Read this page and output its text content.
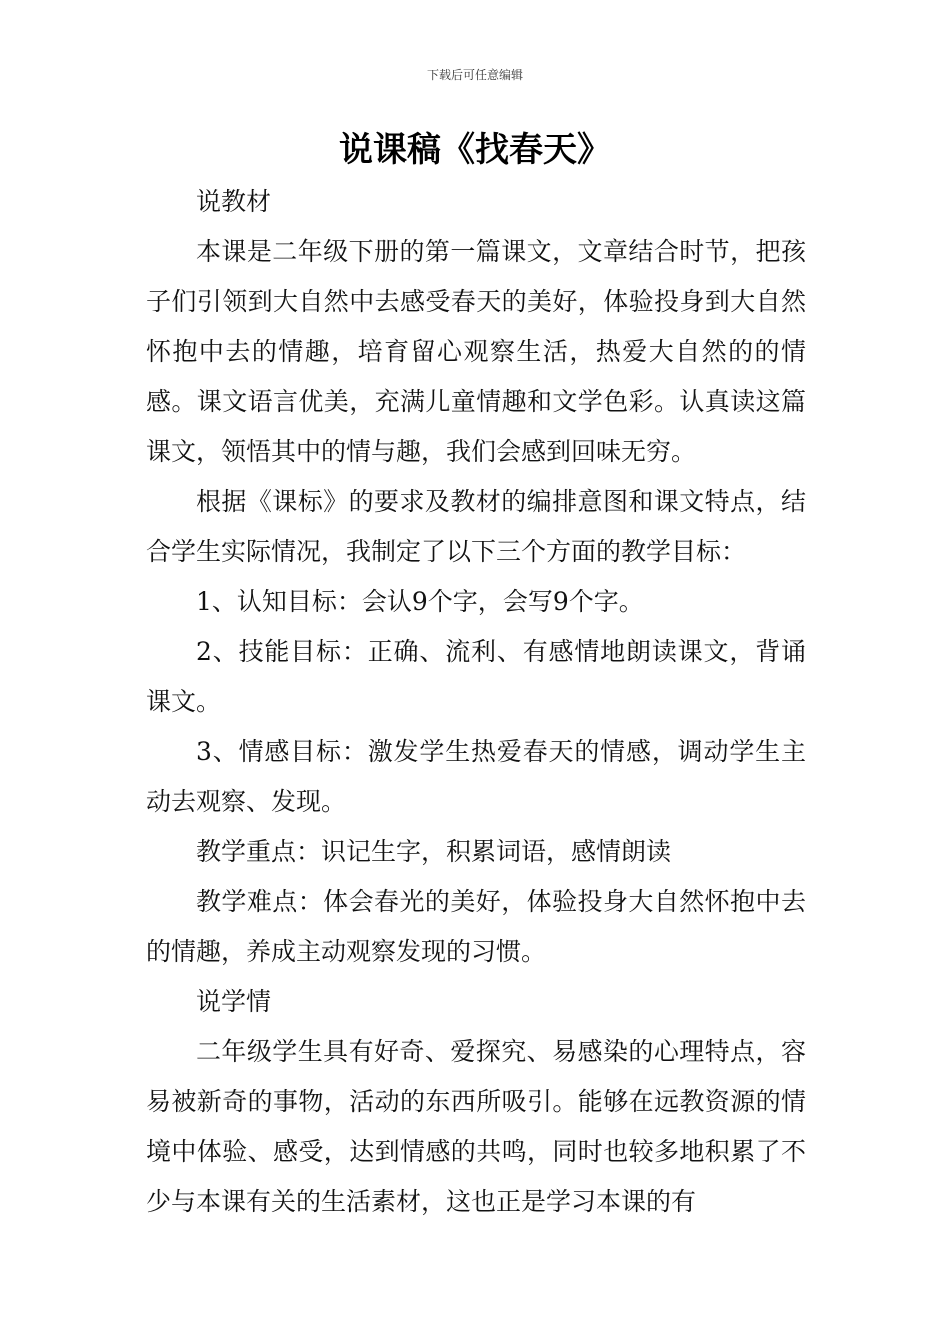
下载后可任意编辑
说课稿《找春天》

说教材

本课是二年级下册的第一篇课文，文章结合时节，把孩子们引领到大自然中去感受春天的美好，体验投身到大自然怀抱中去的情趣，培育留心观察生活，热爱大自然的的情感。课文语言优美，充满儿童情趣和文学色彩。认真读这篇课文，领悟其中的情与趣，我们会感到回味无穷。

根据《课标》的要求及教材的编排意图和课文特点，结合学生实际情况，我制定了以下三个方面的教学目标：

1、认知目标：会认9个字，会写9个字。

2、技能目标：正确、流利、有感情地朗读课文，背诵课文。

3、情感目标：激发学生热爱春天的情感，调动学生主动去观察、发现。

教学重点：识记生字，积累词语，感情朗读

教学难点：体会春光的美好，体验投身大自然怀抱中去的情趣，养成主动观察发现的习惯。

说学情

二年级学生具有好奇、爱探究、易感染的心理特点，容易被新奇的事物，活动的东西所吸引。能够在远教资源的情境中体验、感受，达到情感的共鸣，同时也较多地积累了不少与本课有关的生活素材，这也正是学习本课的有
